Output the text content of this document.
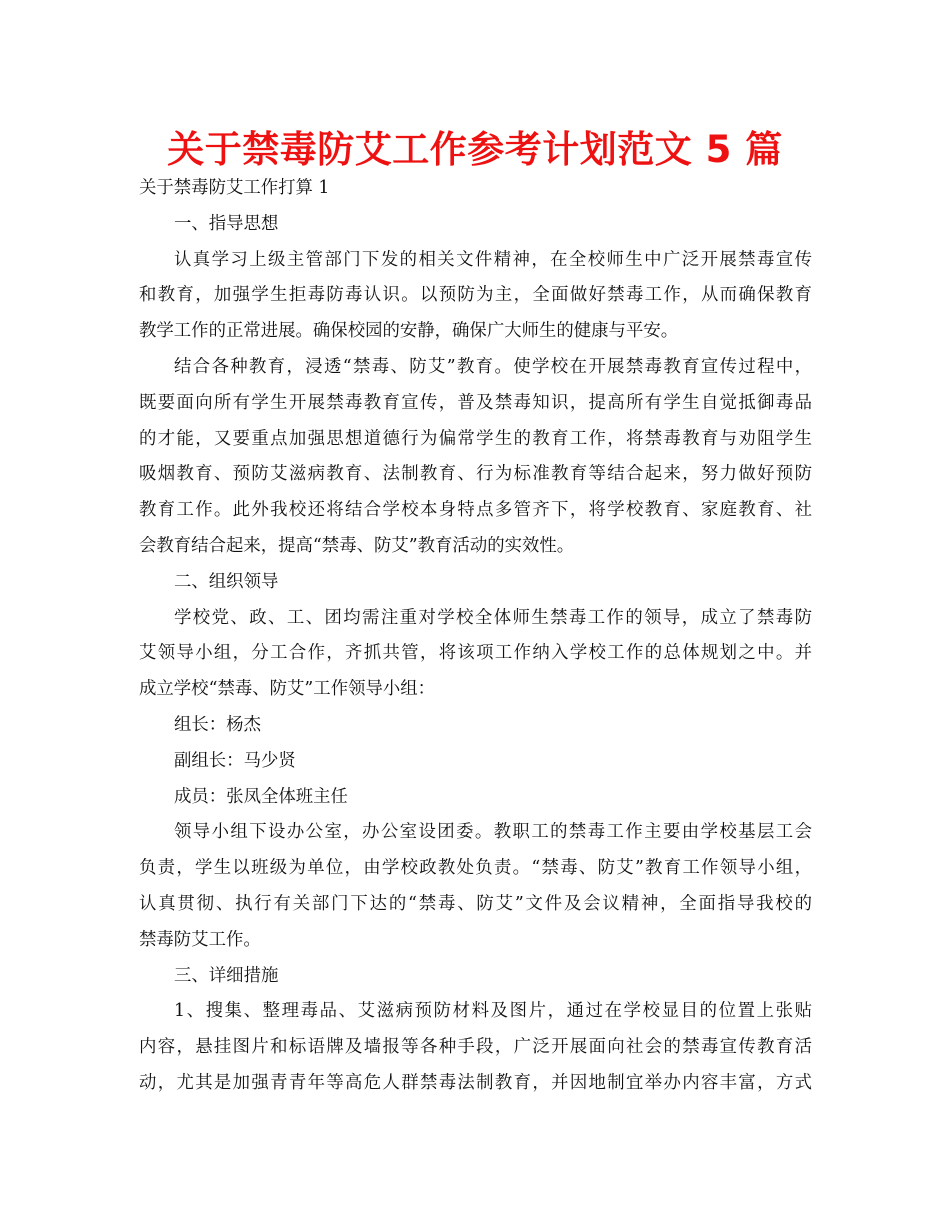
关于禁毒防艾工作参考计划范文 5 篇
关于禁毒防艾工作打算 1
一、指导思想
认真学习上级主管部门下发的相关文件精神，在全校师生中广泛开展禁毒宣传
和教育，加强学生拒毒防毒认识。以预防为主，全面做好禁毒工作，从而确保教育
教学工作的正常进展。确保校园的安静，确保广大师生的健康与平安。
结合各种教育，浸透“禁毒、防艾”教育。使学校在开展禁毒教育宣传过程中，
既要面向所有学生开展禁毒教育宣传，普及禁毒知识，提高所有学生自觉抵御毒品
的才能，又要重点加强思想道德行为偏常学生的教育工作，将禁毒教育与劝阻学生
吸烟教育、预防艾滋病教育、法制教育、行为标准教育等结合起来，努力做好预防
教育工作。此外我校还将结合学校本身特点多管齐下，将学校教育、家庭教育、社
会教育结合起来，提高“禁毒、防艾”教育活动的实效性。
二、组织领导
学校党、政、工、团均需注重对学校全体师生禁毒工作的领导，成立了禁毒防
艾领导小组，分工合作，齐抓共管，将该项工作纳入学校工作的总体规划之中。并
成立学校“禁毒、防艾”工作领导小组：
组长：杨杰
副组长：马少贤
成员：张凤全体班主任
领导小组下设办公室，办公室设团委。教职工的禁毒工作主要由学校基层工会
负责，学生以班级为单位，由学校政教处负责。“禁毒、防艾”教育工作领导小组，
认真贯彻、执行有关部门下达的“禁毒、防艾”文件及会议精神，全面指导我校的
禁毒防艾工作。
三、详细措施
1、搜集、整理毒品、艾滋病预防材料及图片，通过在学校显目的位置上张贴
内容，悬挂图片和标语牌及墙报等各种手段，广泛开展面向社会的禁毒宣传教育活
动，尤其是加强青青年等高危人群禁毒法制教育，并因地制宜举办内容丰富，方式
